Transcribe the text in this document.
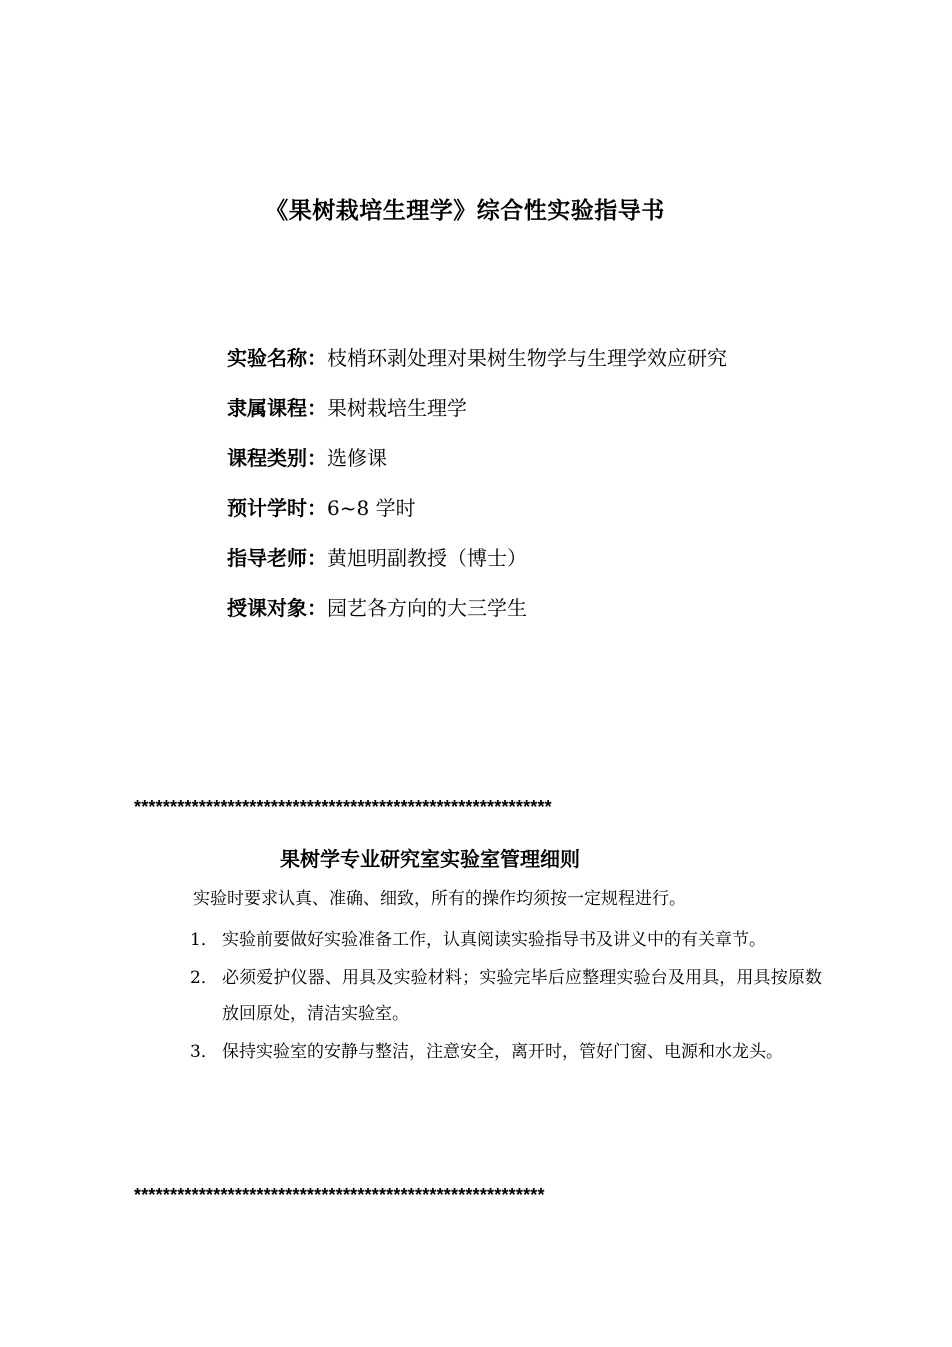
《果树栽培生理学》综合性实验指导书
实验名称：枝梢环剥处理对果树生物学与生理学效应研究
隶属课程：果树栽培生理学
课程类别：选修课
预计学时：6~8 学时
指导老师：黄旭明副教授（博士）
授课对象：园艺各方向的大三学生
**********************************************************
果树学专业研究室实验室管理细则
实验时要求认真、准确、细致，所有的操作均须按一定规程进行。
1． 实验前要做好实验准备工作，认真阅读实验指导书及讲义中的有关章节。
2． 必须爱护仪器、用具及实验材料；实验完毕后应整理实验台及用具，用具按原数放回原处，清洁实验室。
3． 保持实验室的安静与整洁，注意安全，离开时，管好门窗、电源和水龙头。
*********************************************************
